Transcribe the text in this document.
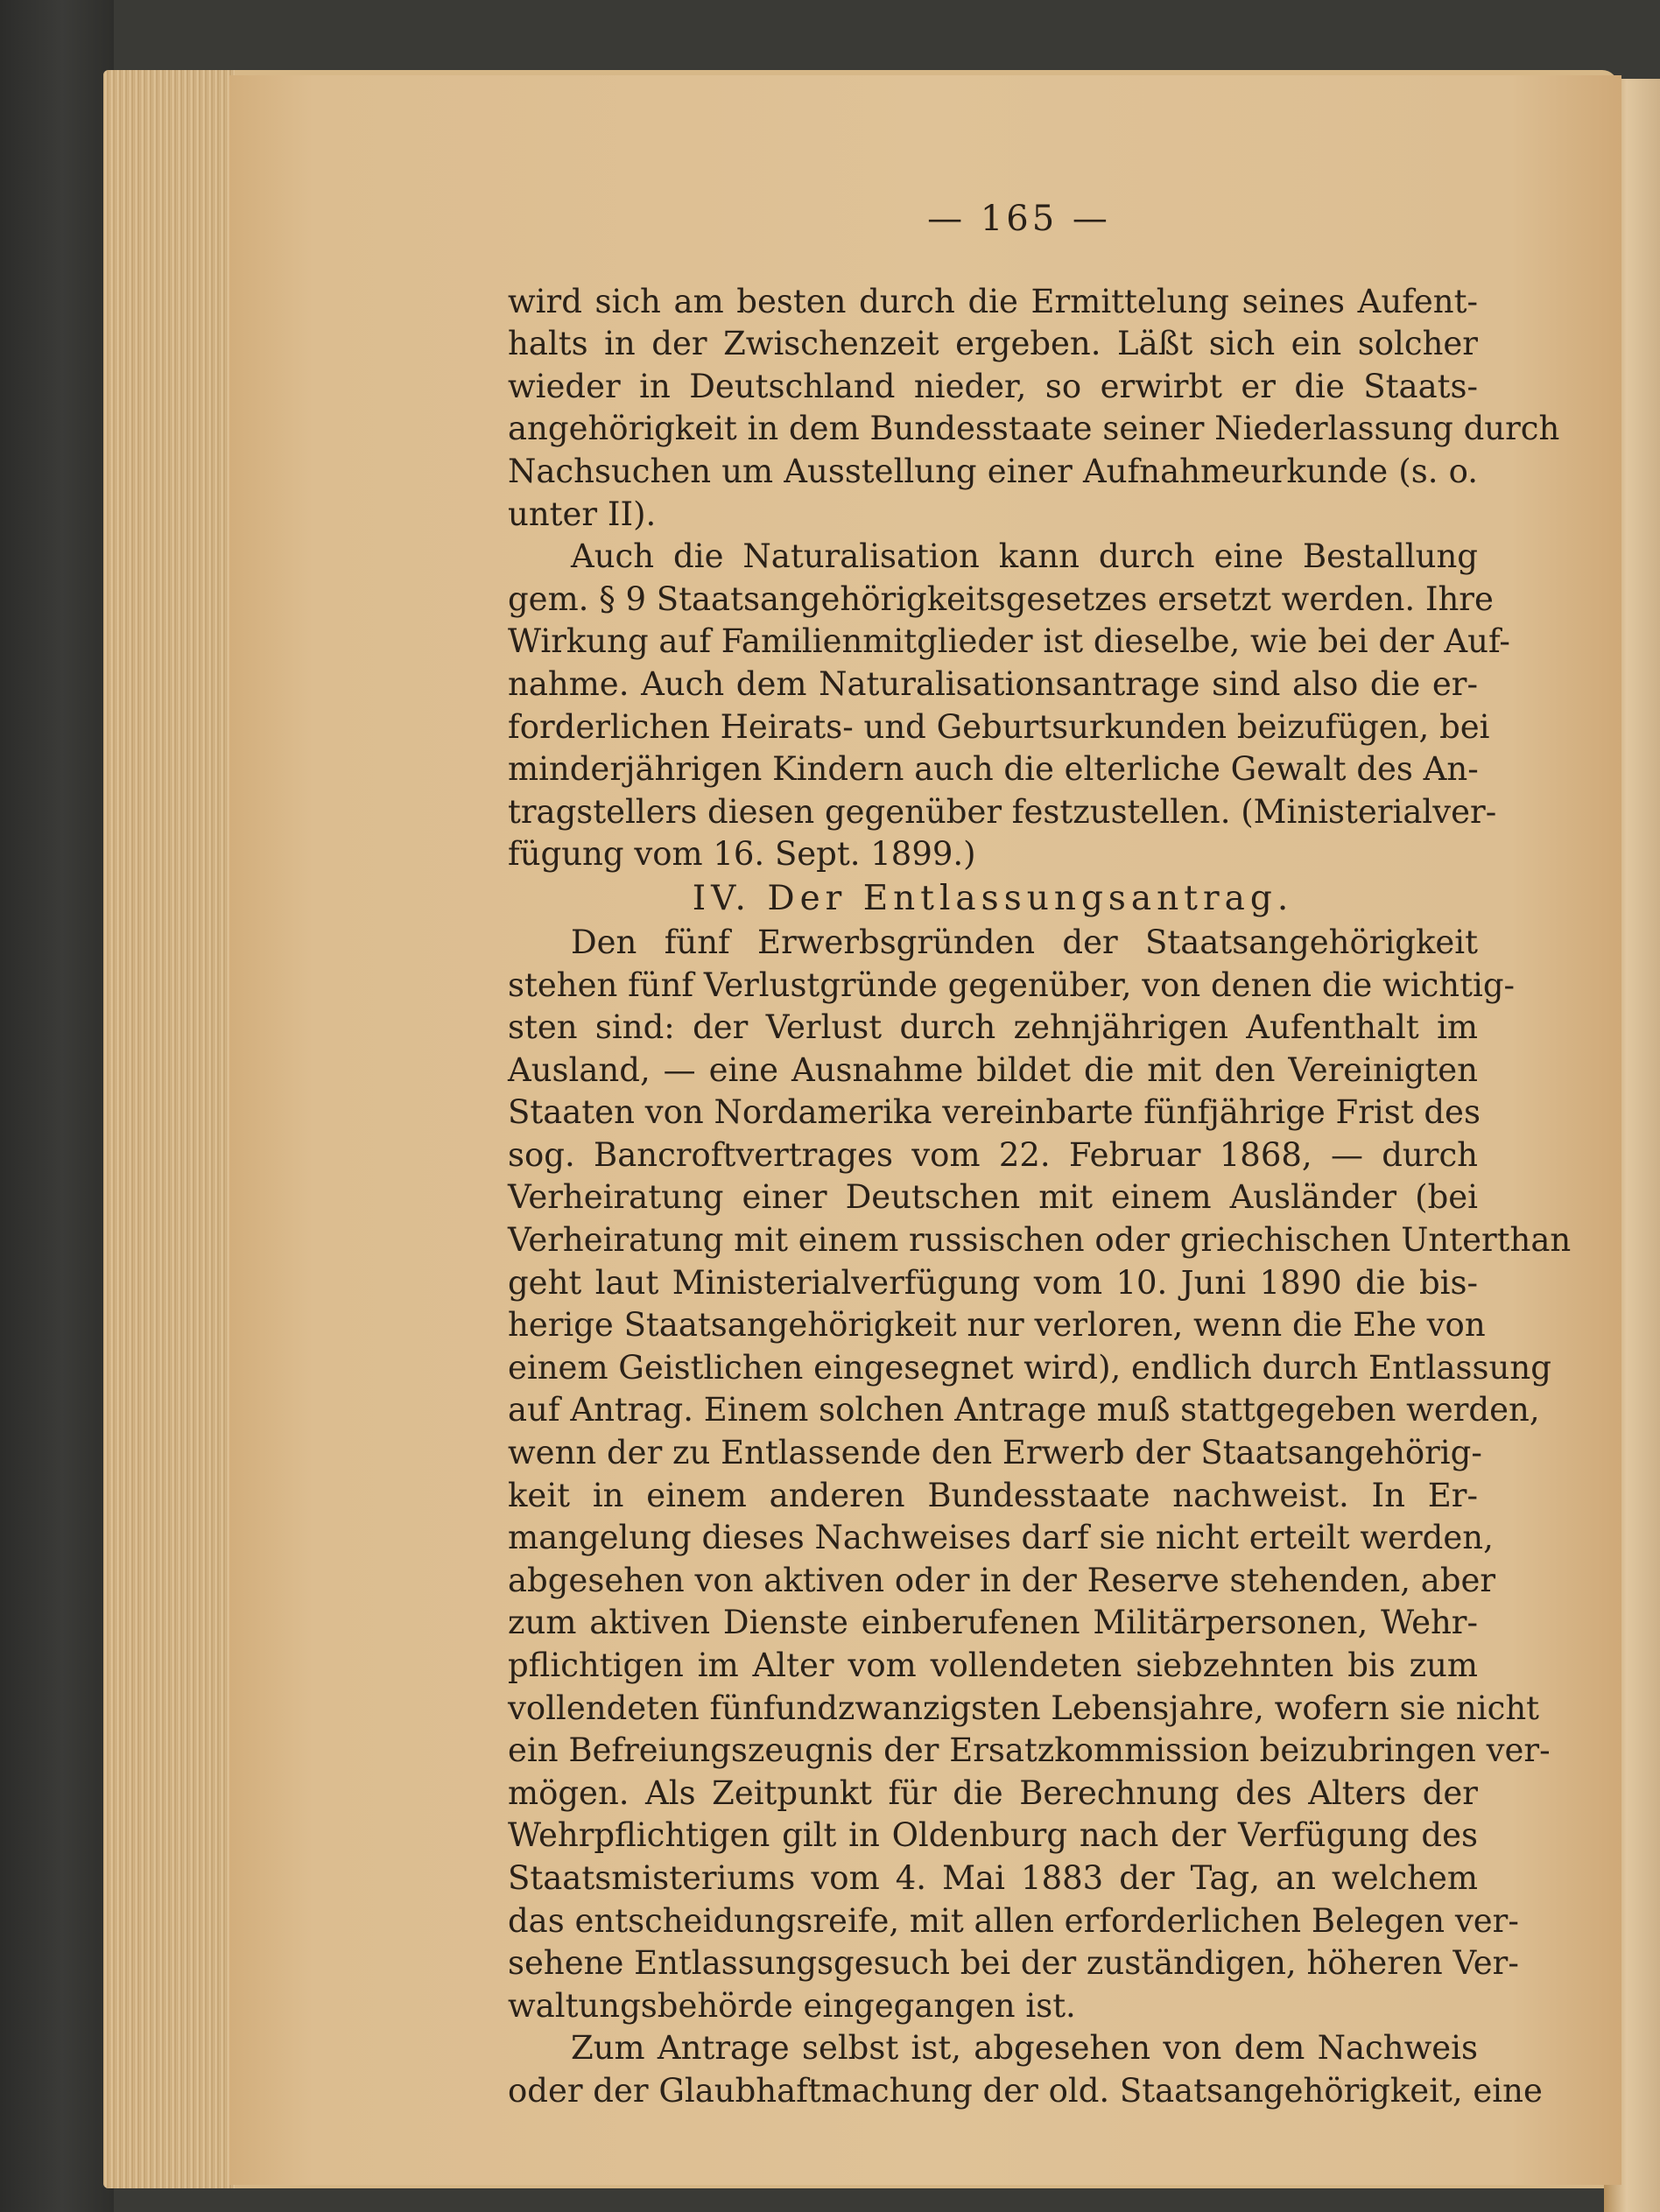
— 165 —
wird sich am besten durch die Ermittelung seines Aufent-
halts in der Zwischenzeit ergeben. Läßt sich ein solcher
wieder in Deutschland nieder, so erwirbt er die Staats-
angehörigkeit in dem Bundesstaate seiner Niederlassung durch
Nachsuchen um Ausstellung einer Aufnahmeurkunde (s. o.
unter II).
Auch die Naturalisation kann durch eine Bestallung
gem. § 9 Staatsangehörigkeitsgesetzes ersetzt werden. Ihre
Wirkung auf Familienmitglieder ist dieselbe, wie bei der Auf-
nahme. Auch dem Naturalisationsantrage sind also die er-
forderlichen Heirats- und Geburtsurkunden beizufügen, bei
minderjährigen Kindern auch die elterliche Gewalt des An-
tragstellers diesen gegenüber festzustellen. (Ministerialver-
fügung vom 16. Sept. 1899.)
IV. Der Entlassungsantrag.
Den fünf Erwerbsgründen der Staatsangehörigkeit
stehen fünf Verlustgründe gegenüber, von denen die wichtig-
sten sind: der Verlust durch zehnjährigen Aufenthalt im
Ausland, — eine Ausnahme bildet die mit den Vereinigten
Staaten von Nordamerika vereinbarte fünfjährige Frist des
sog. Bancroftvertrages vom 22. Februar 1868, — durch
Verheiratung einer Deutschen mit einem Ausländer (bei
Verheiratung mit einem russischen oder griechischen Unterthan
geht laut Ministerialverfügung vom 10. Juni 1890 die bis-
herige Staatsangehörigkeit nur verloren, wenn die Ehe von
einem Geistlichen eingesegnet wird), endlich durch Entlassung
auf Antrag. Einem solchen Antrage muß stattgegeben werden,
wenn der zu Entlassende den Erwerb der Staatsangehörig-
keit in einem anderen Bundesstaate nachweist. In Er-
mangelung dieses Nachweises darf sie nicht erteilt werden,
abgesehen von aktiven oder in der Reserve stehenden, aber
zum aktiven Dienste einberufenen Militärpersonen, Wehr-
pflichtigen im Alter vom vollendeten siebzehnten bis zum
vollendeten fünfundzwanzigsten Lebensjahre, wofern sie nicht
ein Befreiungszeugnis der Ersatzkommission beizubringen ver-
mögen. Als Zeitpunkt für die Berechnung des Alters der
Wehrpflichtigen gilt in Oldenburg nach der Verfügung des
Staatsmisteriums vom 4. Mai 1883 der Tag, an welchem
das entscheidungsreife, mit allen erforderlichen Belegen ver-
sehene Entlassungsgesuch bei der zuständigen, höheren Ver-
waltungsbehörde eingegangen ist.
Zum Antrage selbst ist, abgesehen von dem Nachweis
oder der Glaubhaftmachung der old. Staatsangehörigkeit, eine
